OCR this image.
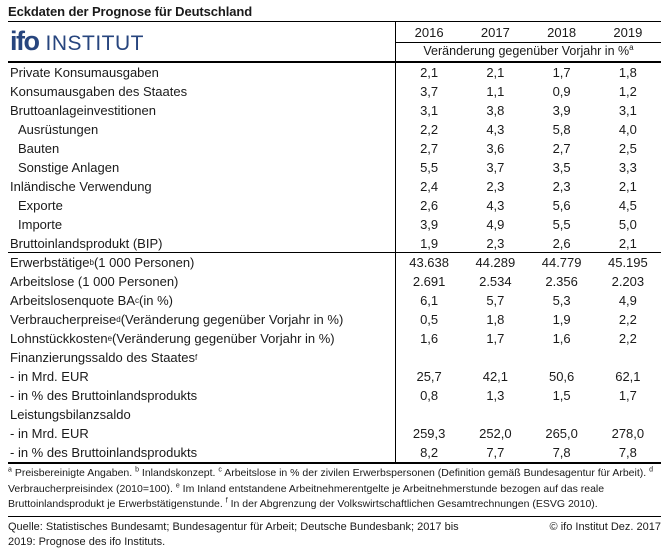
Eckdaten der Prognose für Deutschland
ifo INSTITUT	2016	2017	2018	2019
Veränderung gegenüber Vorjahr in %$^a$
Private Konsumausgaben	2,1	2,1	1,7	1,8
Konsumausgaben des Staates	3,7	1,1	0,9	1,2
Bruttoanlageinvestitionen	3,1	3,8	3,9	3,1
Ausrüstungen	2,2	4,3	5,8	4,0
Bauten	2,7	3,6	2,7	2,5
Sonstige Anlagen	5,5	3,7	3,5	3,3
Inländische Verwendung	2,4	2,3	2,3	2,1
Exporte	2,6	4,3	5,6	4,5
Importe	3,9	4,9	5,5	5,0
Bruttoinlandsprodukt (BIP)	1,9	2,3	2,6	2,1
Erwerbstätige b (1 000 Personen)	43.638	44.289	44.779	45.195
Arbeitslose (1 000 Personen)	2.691	2.534	2.356	2.203
Arbeitslosenquote BA c (in %)	6,1	5,7	5,3	4,9
Verbraucherpreise d (Veränderung gegenüber Vorjahr in %)	0,5	1,8	1,9	2,2
Lohnstückkosten e (Veränderung gegenüber Vorjahr in %)	1,6	1,7	1,6	2,2
Finanzierungssaldo des Staates f
- in Mrd. EUR	25,7	42,1	50,6	62,1
- in % des Bruttoinlandsprodukts	0,8	1,3	1,5	1,7
Leistungsbilanzsaldo
- in Mrd. EUR	259,3	252,0	265,0	278,0
- in % des Bruttoinlandsprodukts	8,2	7,7	7,8	7,8
$^a$ Preisbereinigte Angaben. $^b$ Inlandskonzept. $^c$ Arbeitslose in % der zivilen Erwerbspersonen (Definition gemäß Bundesagentur für Arbeit). $^d$ Verbraucherpreisindex (2010=100). $^e$ Im Inland entstandene Arbeitnehmerentgelte je Arbeitnehmerstunde bezogen auf das reale Bruttoinlandsprodukt je Erwerbstätigenstunde. $^f$ In der Abgrenzung der Volkswirtschaftlichen Gesamtrechnungen (ESVG 2010).
Quelle: Statistisches Bundesamt; Bundesagentur für Arbeit; Deutsche Bundesbank; 2017 bis 2019: Prognose des ifo Instituts.
© ifo Institut Dez. 2017
